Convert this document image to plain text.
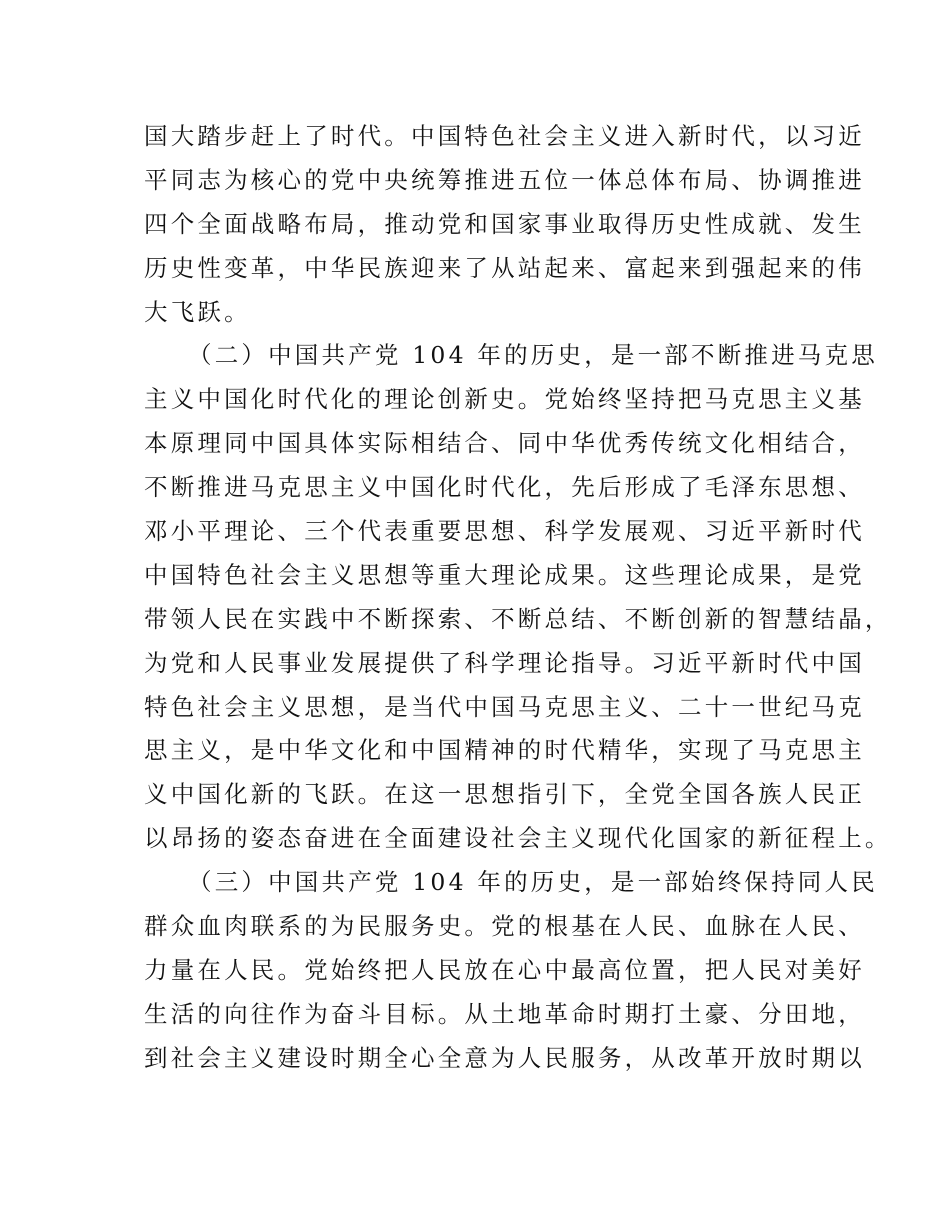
国大踏步赶上了时代。中国特色社会主义进入新时代，以习近
平同志为核心的党中央统筹推进五位一体总体布局、协调推进
四个全面战略布局，推动党和国家事业取得历史性成就、发生
历史性变革，中华民族迎来了从站起来、富起来到强起来的伟
大飞跃。
（二）中国共产党 104 年的历史，是一部不断推进马克思
主义中国化时代化的理论创新史。党始终坚持把马克思主义基
本原理同中国具体实际相结合、同中华优秀传统文化相结合，
不断推进马克思主义中国化时代化，先后形成了毛泽东思想、
邓小平理论、三个代表重要思想、科学发展观、习近平新时代
中国特色社会主义思想等重大理论成果。这些理论成果，是党
带领人民在实践中不断探索、不断总结、不断创新的智慧结晶，
为党和人民事业发展提供了科学理论指导。习近平新时代中国
特色社会主义思想，是当代中国马克思主义、二十一世纪马克
思主义，是中华文化和中国精神的时代精华，实现了马克思主
义中国化新的飞跃。在这一思想指引下，全党全国各族人民正
以昂扬的姿态奋进在全面建设社会主义现代化国家的新征程上。
（三）中国共产党 104 年的历史，是一部始终保持同人民
群众血肉联系的为民服务史。党的根基在人民、血脉在人民、
力量在人民。党始终把人民放在心中最高位置，把人民对美好
生活的向往作为奋斗目标。从土地革命时期打土豪、分田地，
到社会主义建设时期全心全意为人民服务，从改革开放时期以
